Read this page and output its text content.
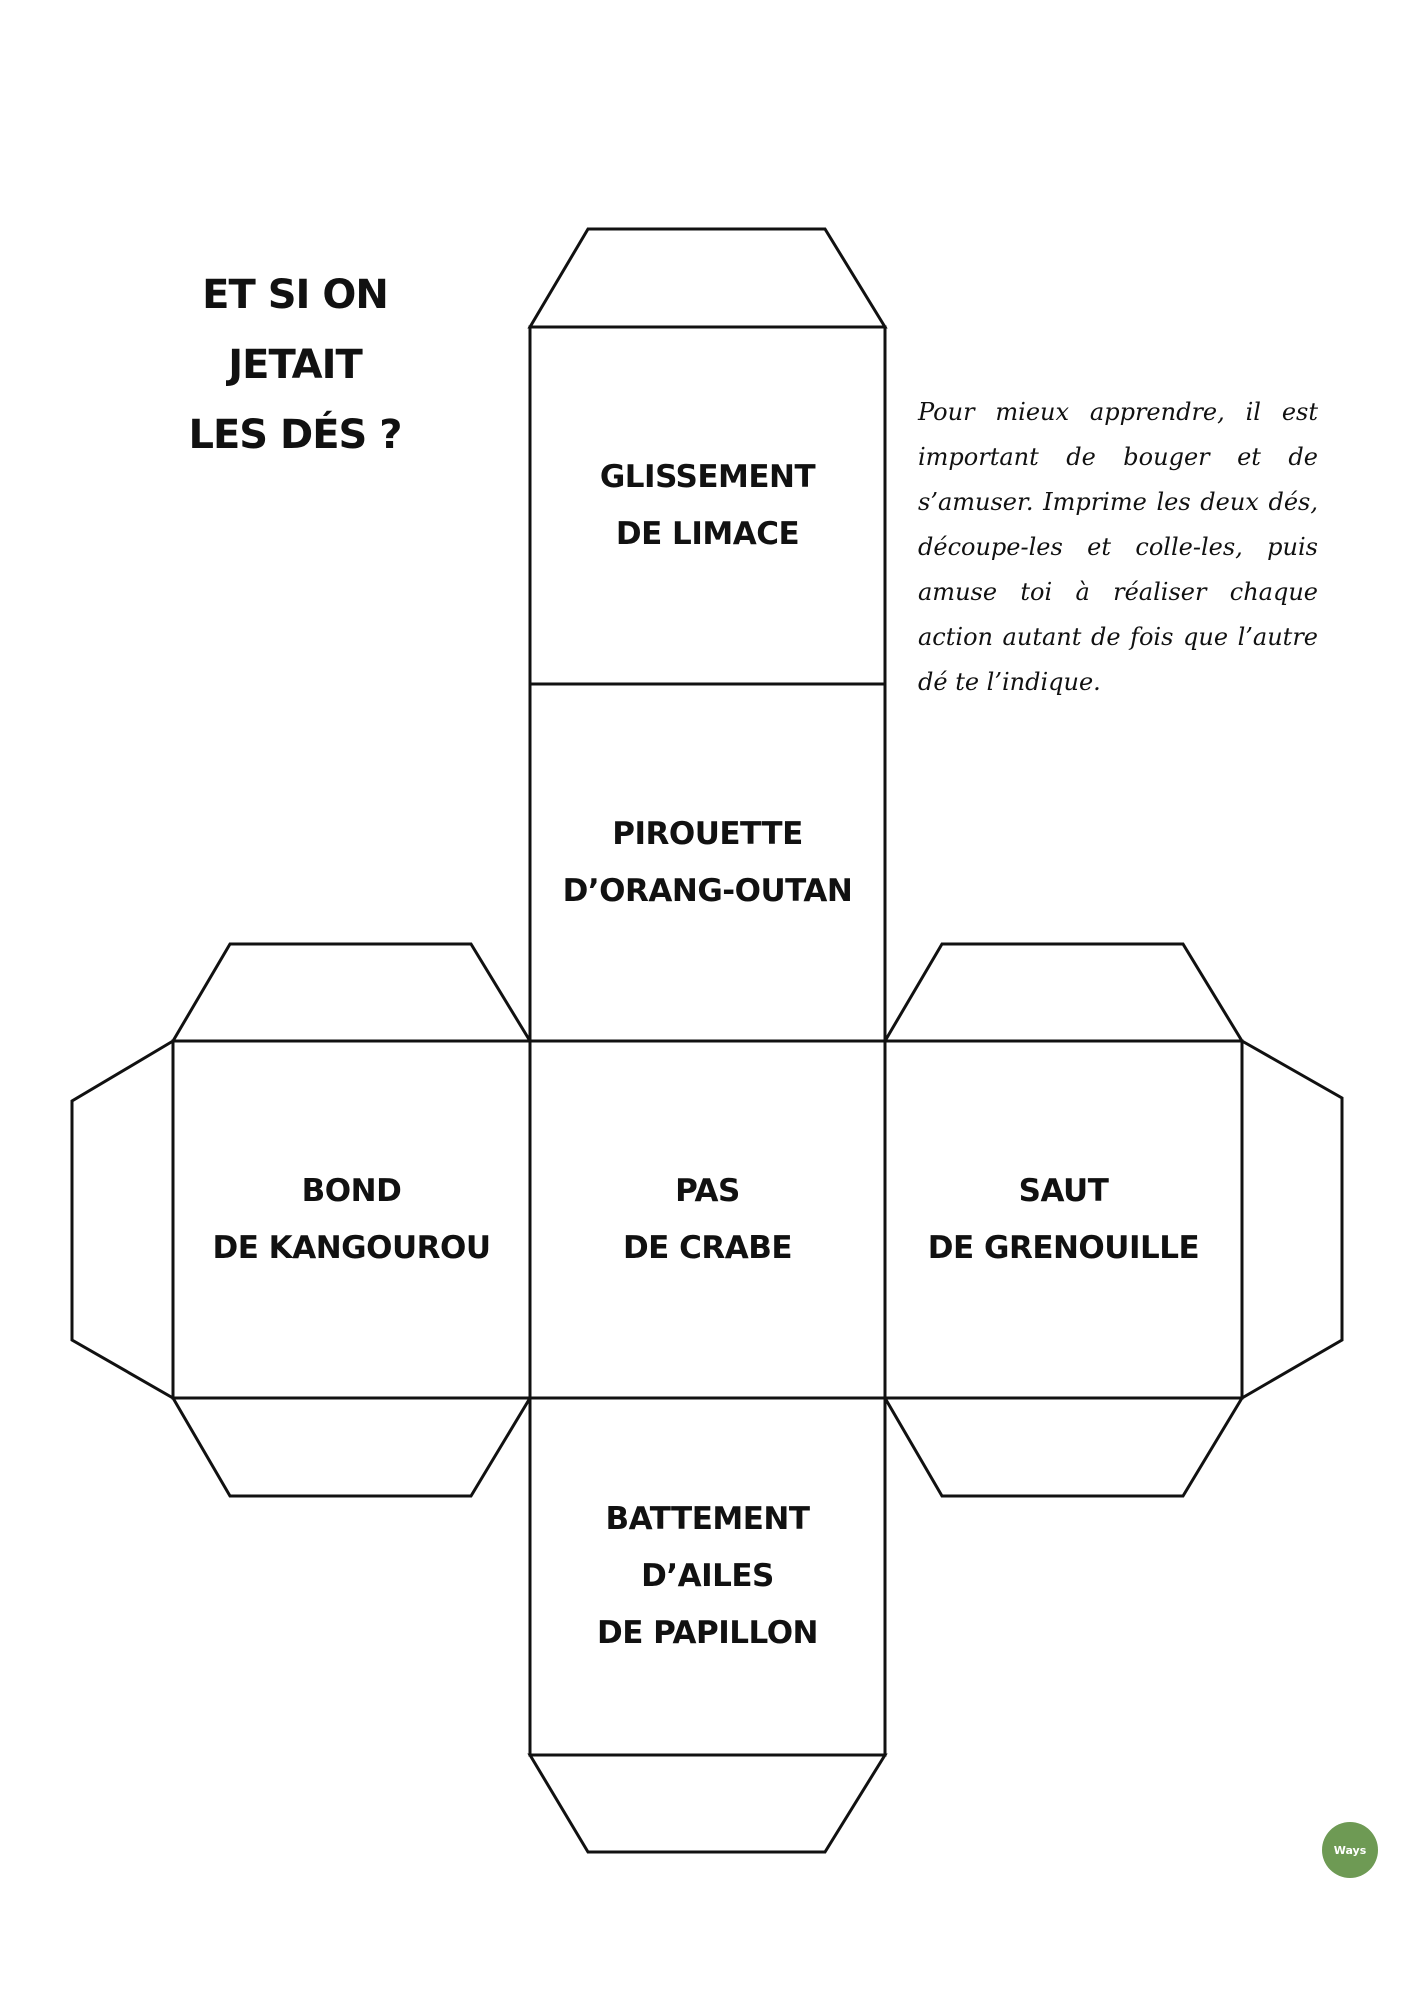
ET SI ON JETAIT
LES DÉS ?	Pour mieux apprendre, il est important de bouger et de s’amuser. Imprime les deux dés, découpe-les et colle-les, puis amuse toi à réaliser chaque action autant de fois que l’autre dé te l’indique.

GLISSEMENT
DE LIMACE
PIROUETTE
D’ORANG-OUTAN
BOND
DE KANGOUROU
PAS
DE CRABE
SAUT
DE GRENOUILLE
BATTEMENT
D’AILES
DE PAPILLON
Ways
